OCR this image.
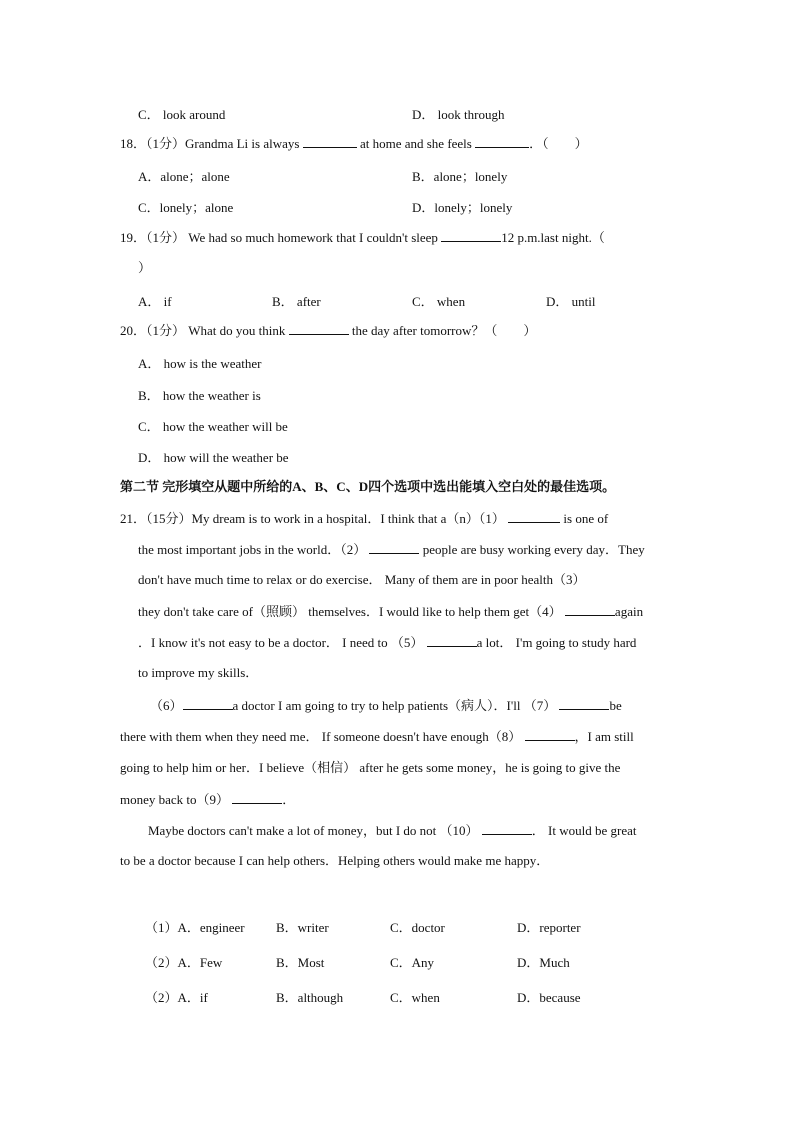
C． look around	D． look through
18．（1分）Grandma Li is always	at home and she feels	．（　　）
A．alone；alone	B．alone；lonely
C．lonely；alone	D．lonely；lonely
19．（1分） We had so much homework that I couldn't sleep	12 p.m.last night.（
）
A． if	B． after	C． when	D． until
20．（1分） What do you think	the day after tomorrow？（　　）
A． how is the weather
B． how the weather is
C． how the weather will be
D． how will the weather be
第二节 完形填空从题中所给的A、B、C、D四个选项中选出能填入空白处的最佳选项。
21．（15分）My dream is to work in a hospital．I think that a（n）（1）	is one of
the most important jobs in the world．（2）	people are busy working every day．They
don't have much time to relax or do exercise． Many of them are in poor health（3）
they don't take care of（照顾） themselves．I would like to help them get（4）	again
．I know it's not easy to be a doctor． I need to （5）	a lot． I'm going to study hard
to improve my skills．
（6）	a doctor I am going to try to help patients（病人）．I'll （7）	be
there with them when they need me． If someone doesn't have enough（8）	，I am still
going to help him or her．I believe（相信） after he gets some money，he is going to give the
money back to（9）	．
Maybe doctors can't make a lot of money，but I do not （10）	． It would be great
to be a doctor because I can help others．Helping others would make me happy．
（1）A．engineer B．writer	C．doctor	D．reporter
（2）A．Few	B．Most	C．Any	D．Much
（2）A．if	B．although	C．when	D．because
